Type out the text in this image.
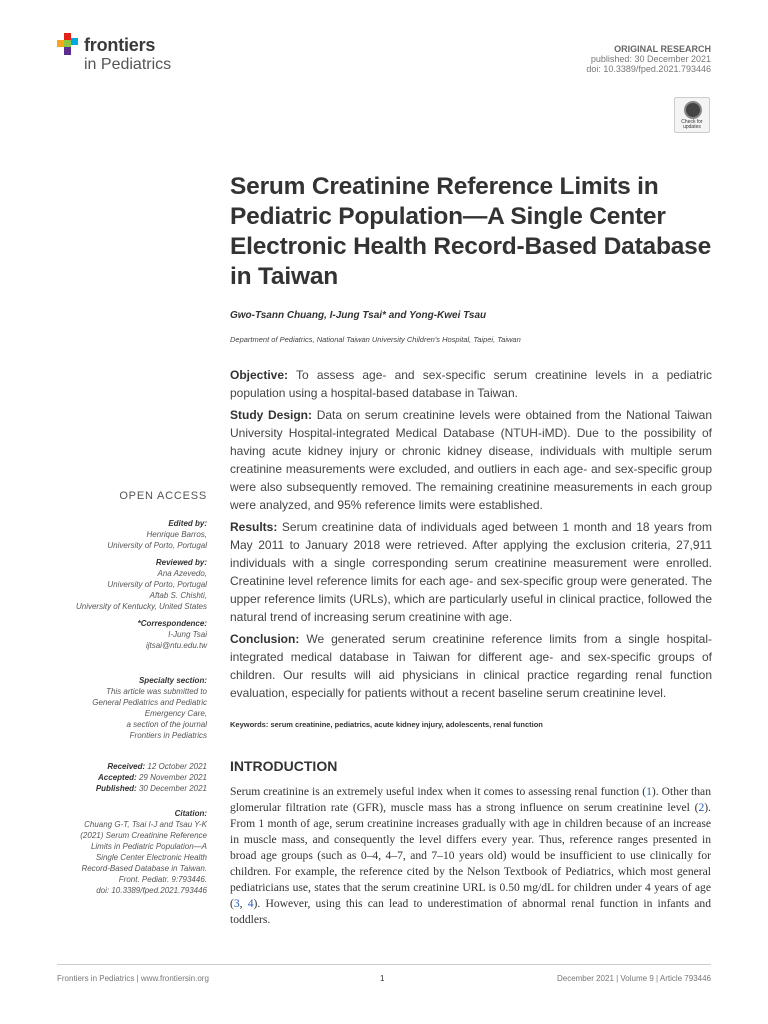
frontiers
in Pediatrics
ORIGINAL RESEARCH
published: 30 December 2021
doi: 10.3389/fped.2021.793446
Check for updates
Serum Creatinine Reference Limits in Pediatric Population—A Single Center Electronic Health Record-Based Database in Taiwan
Gwo-Tsann Chuang, I-Jung Tsai* and Yong-Kwei Tsau
Department of Pediatrics, National Taiwan University Children's Hospital, Taipei, Taiwan

Objective: To assess age- and sex-specific serum creatinine levels in a pediatric population using a hospital-based database in Taiwan.

Study Design: Data on serum creatinine levels were obtained from the National Taiwan University Hospital-integrated Medical Database (NTUH-iMD). Due to the possibility of having acute kidney injury or chronic kidney disease, individuals with multiple serum creatinine measurements were excluded, and outliers in each age- and sex-specific group were also subsequently removed. The remaining creatinine measurements in each group were analyzed, and 95% reference limits were established.

Results: Serum creatinine data of individuals aged between 1 month and 18 years from May 2011 to January 2018 were retrieved. After applying the exclusion criteria, 27,911 individuals with a single corresponding serum creatinine measurement were enrolled. Creatinine level reference limits for each age- and sex-specific group were generated. The upper reference limits (URLs), which are particularly useful in clinical practice, followed the natural trend of increasing serum creatinine with age.

Conclusion: We generated serum creatinine reference limits from a single hospital-integrated medical database in Taiwan for different age- and sex-specific groups of children. Our results will aid physicians in clinical practice regarding renal function evaluation, especially for patients without a recent baseline serum creatinine level.

Keywords: serum creatinine, pediatrics, acute kidney injury, adolescents, renal function
INTRODUCTION
Serum creatinine is an extremely useful index when it comes to assessing renal function (1). Other than glomerular filtration rate (GFR), muscle mass has a strong influence on serum creatinine level (2). From 1 month of age, serum creatinine increases gradually with age in children because of an increase in muscle mass, and consequently the level differs every year. Thus, reference ranges presented in broad age groups (such as 0–4, 4–7, and 7–10 years old) would be insufficient to use clinically for children. For example, the reference cited by the Nelson Textbook of Pediatrics, which most general pediatricians use, states that the serum creatinine URL is 0.50 mg/dL for children under 4 years of age (3, 4). However, using this can lead to underestimation of abnormal renal function in infants and toddlers.
OPEN ACCESS
Edited by:
Henrique Barros,
University of Porto, Portugal
Reviewed by:
Ana Azevedo,
University of Porto, Portugal
Aftab S. Chishti,
University of Kentucky, United States
*Correspondence:
I-Jung Tsai
ijtsai@ntu.edu.tw
Specialty section:
This article was submitted to
General Pediatrics and Pediatric
Emergency Care,
a section of the journal
Frontiers in Pediatrics
Received: 12 October 2021
Accepted: 29 November 2021
Published: 30 December 2021
Citation:
Chuang G-T, Tsai I-J and Tsau Y-K
(2021) Serum Creatinine Reference
Limits in Pediatric Population—A
Single Center Electronic Health
Record-Based Database in Taiwan.
Front. Pediatr. 9:793446.
doi: 10.3389/fped.2021.793446
Frontiers in Pediatrics | www.frontiersin.org	1	December 2021 | Volume 9 | Article 793446
